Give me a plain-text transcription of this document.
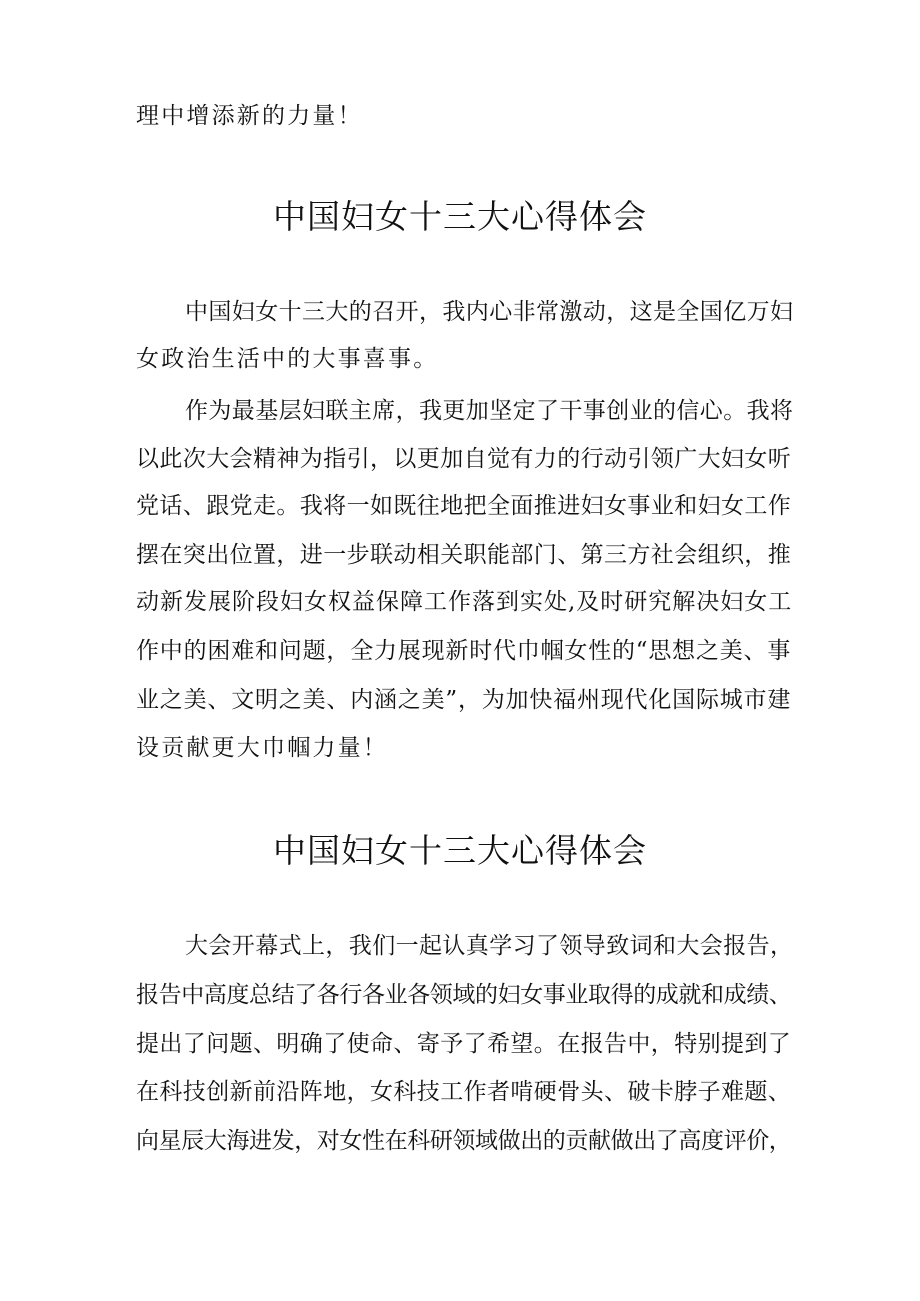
理中增添新的力量！
中国妇女十三大心得体会
中国妇女十三大的召开，我内心非常激动，这是全国亿万妇
女政治生活中的大事喜事。
作为最基层妇联主席，我更加坚定了干事创业的信心。我将
以此次大会精神为指引，以更加自觉有力的行动引领广大妇女听
党话、跟党走。我将一如既往地把全面推进妇女事业和妇女工作
摆在突出位置，进一步联动相关职能部门、第三方社会组织，推
动新发展阶段妇女权益保障工作落到实处,及时研究解决妇女工
作中的困难和问题，全力展现新时代巾帼女性的“思想之美、事
业之美、文明之美、内涵之美”，为加快福州现代化国际城市建
设贡献更大巾帼力量！
中国妇女十三大心得体会
大会开幕式上，我们一起认真学习了领导致词和大会报告，
报告中高度总结了各行各业各领域的妇女事业取得的成就和成绩、
提出了问题、明确了使命、寄予了希望。在报告中，特别提到了
在科技创新前沿阵地，女科技工作者啃硬骨头、破卡脖子难题、
向星辰大海进发，对女性在科研领域做出的贡献做出了高度评价，
